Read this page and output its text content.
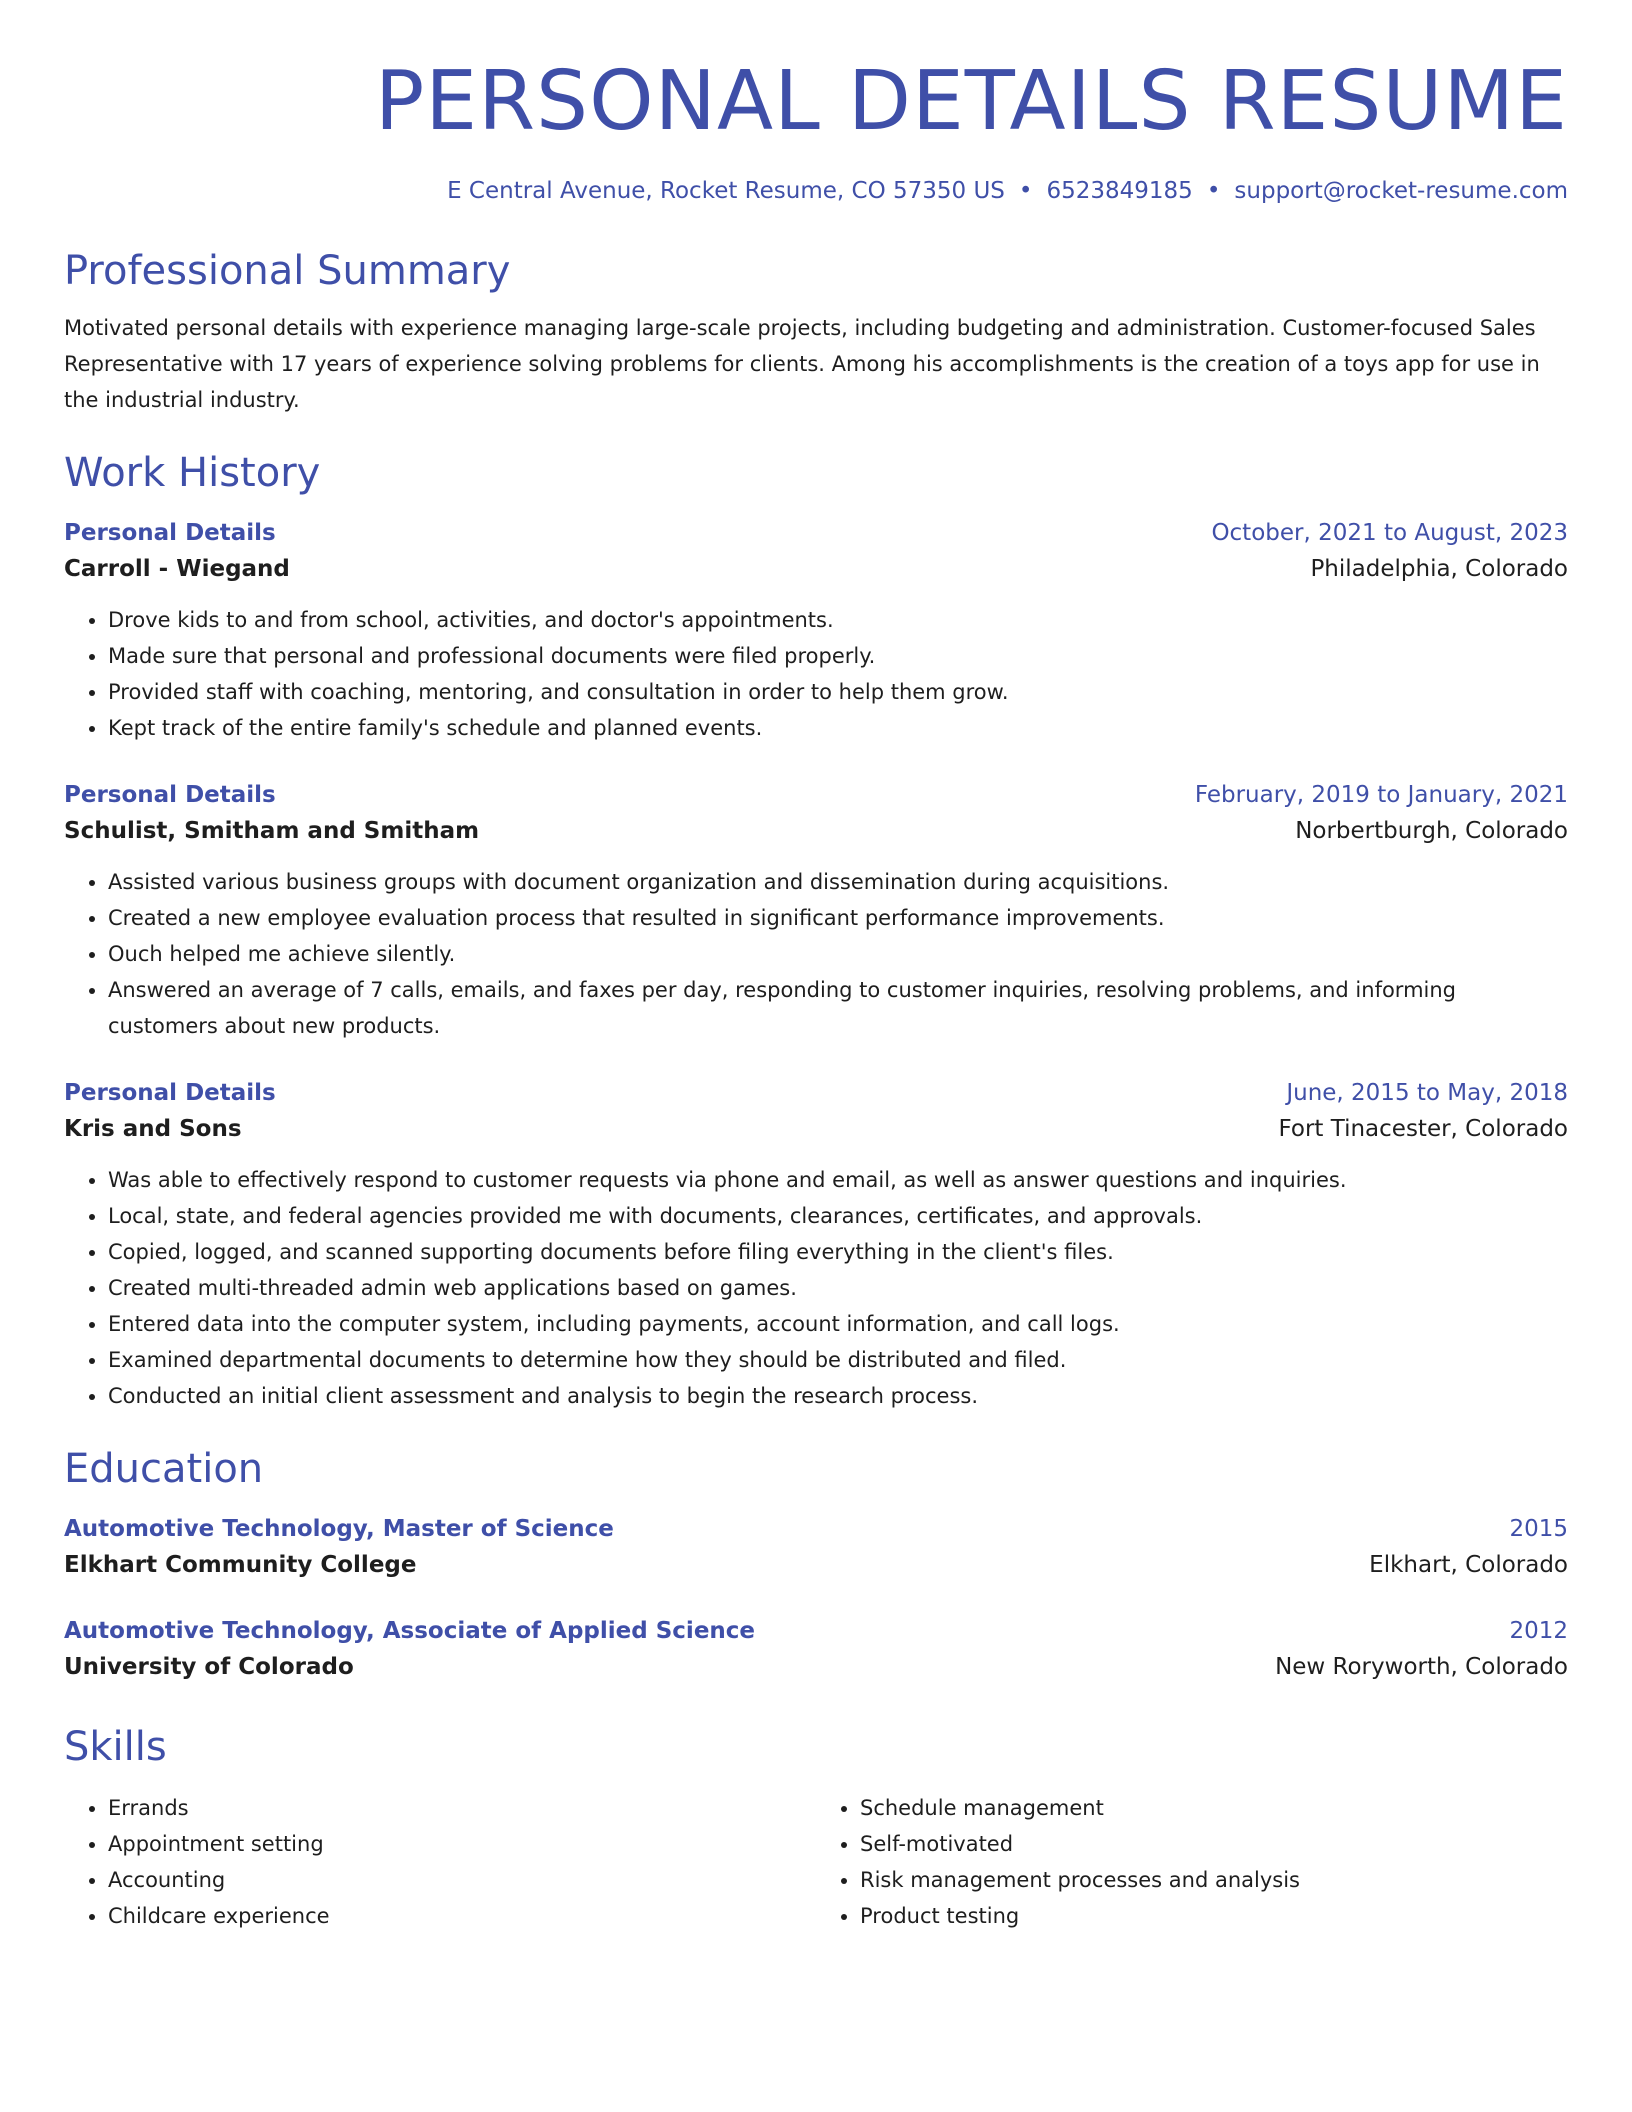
PERSONAL DETAILS RESUME
E Central Avenue, Rocket Resume, CO 57350 US • 6523849185 • support@rocket-resume.com
Professional Summary

Motivated personal details with experience managing large-scale projects, including budgeting and administration. Customer-focused Sales Representative with 17 years of experience solving problems for clients. Among his accomplishments is the creation of a toys app for use in the industrial industry.

Work History
Personal Details	October, 2021 to August, 2023
Carroll - Wiegand	Philadelphia, Colorado
• Drove kids to and from school, activities, and doctor's appointments.
• Made sure that personal and professional documents were filed properly.
• Provided staff with coaching, mentoring, and consultation in order to help them grow.
• Kept track of the entire family's schedule and planned events.
Personal Details	February, 2019 to January, 2021
Schulist, Smitham and Smitham	Norbertburgh, Colorado
• Assisted various business groups with document organization and dissemination during acquisitions.
• Created a new employee evaluation process that resulted in significant performance improvements.
• Ouch helped me achieve silently.
• Answered an average of 7 calls, emails, and faxes per day, responding to customer inquiries, resolving problems, and informing customers about new products.
Personal Details	June, 2015 to May, 2018
Kris and Sons	Fort Tinacester, Colorado
• Was able to effectively respond to customer requests via phone and email, as well as answer questions and inquiries.
• Local, state, and federal agencies provided me with documents, clearances, certificates, and approvals.
• Copied, logged, and scanned supporting documents before filing everything in the client's files.
• Created multi-threaded admin web applications based on games.
• Entered data into the computer system, including payments, account information, and call logs.
• Examined departmental documents to determine how they should be distributed and filed.
• Conducted an initial client assessment and analysis to begin the research process.
Education
Automotive Technology, Master of Science	2015
Elkhart Community College	Elkhart, Colorado
Automotive Technology, Associate of Applied Science	2012
University of Colorado	New Roryworth, Colorado
Skills
• Errands
• Appointment setting
• Accounting
• Childcare experience
• Schedule management
• Self-motivated
• Risk management processes and analysis
• Product testing
